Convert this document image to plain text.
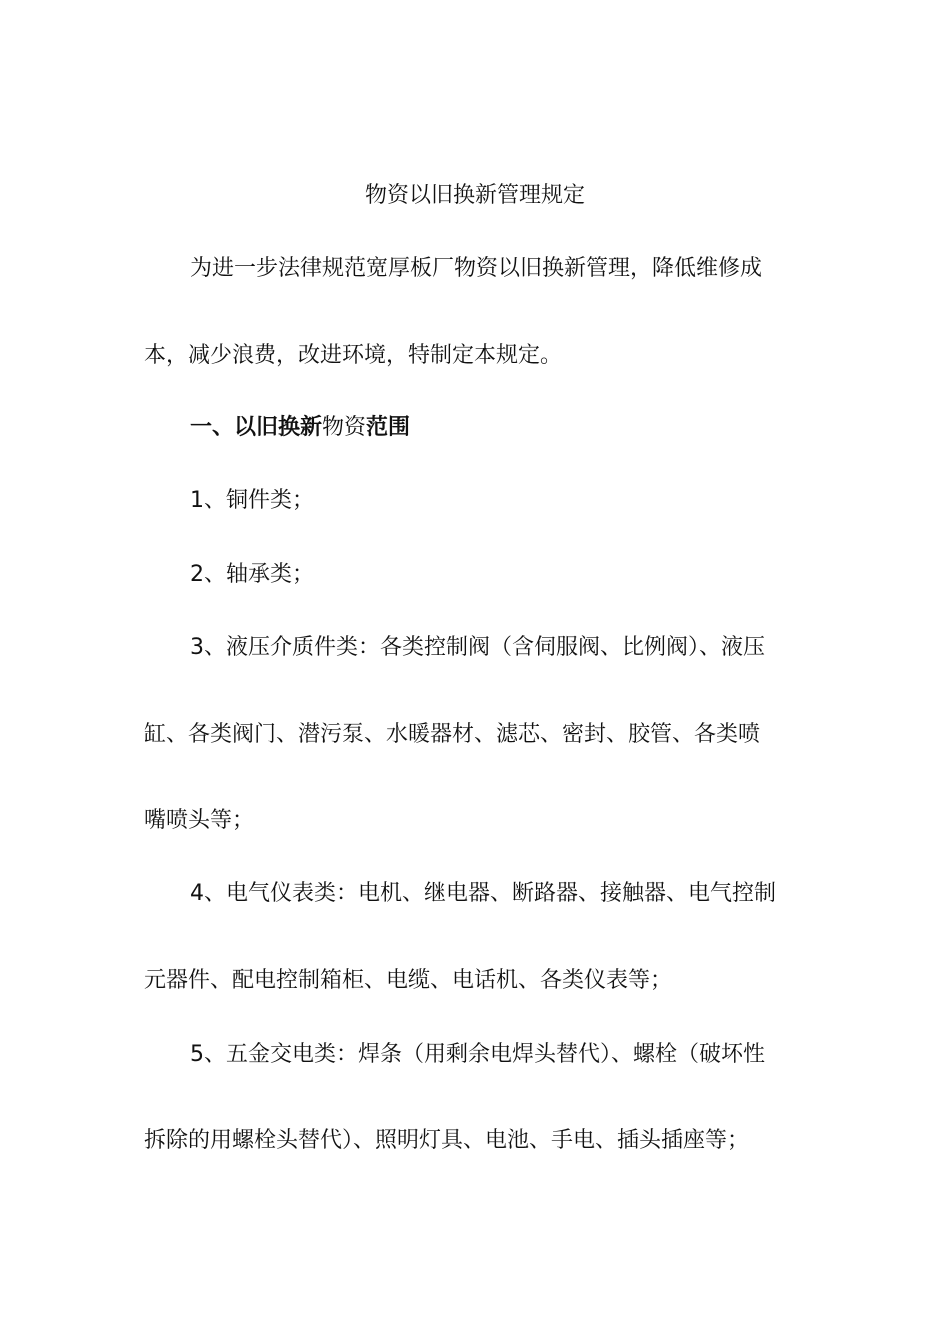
物资以旧换新管理规定
为进一步法律规范宽厚板厂物资以旧换新管理，降低维修成
本，减少浪费，改进环境，特制定本规定。
一、以旧换新物资范围
1、铜件类；
2、轴承类；
3、液压介质件类：各类控制阀（含伺服阀、比例阀）、液压
缸、各类阀门、潜污泵、水暖器材、滤芯、密封、胶管、各类喷
嘴喷头等；
4、电气仪表类：电机、继电器、断路器、接触器、电气控制
元器件、配电控制箱柜、电缆、电话机、各类仪表等；
5、五金交电类：焊条（用剩余电焊头替代）、螺栓（破坏性
拆除的用螺栓头替代）、照明灯具、电池、手电、插头插座等；
